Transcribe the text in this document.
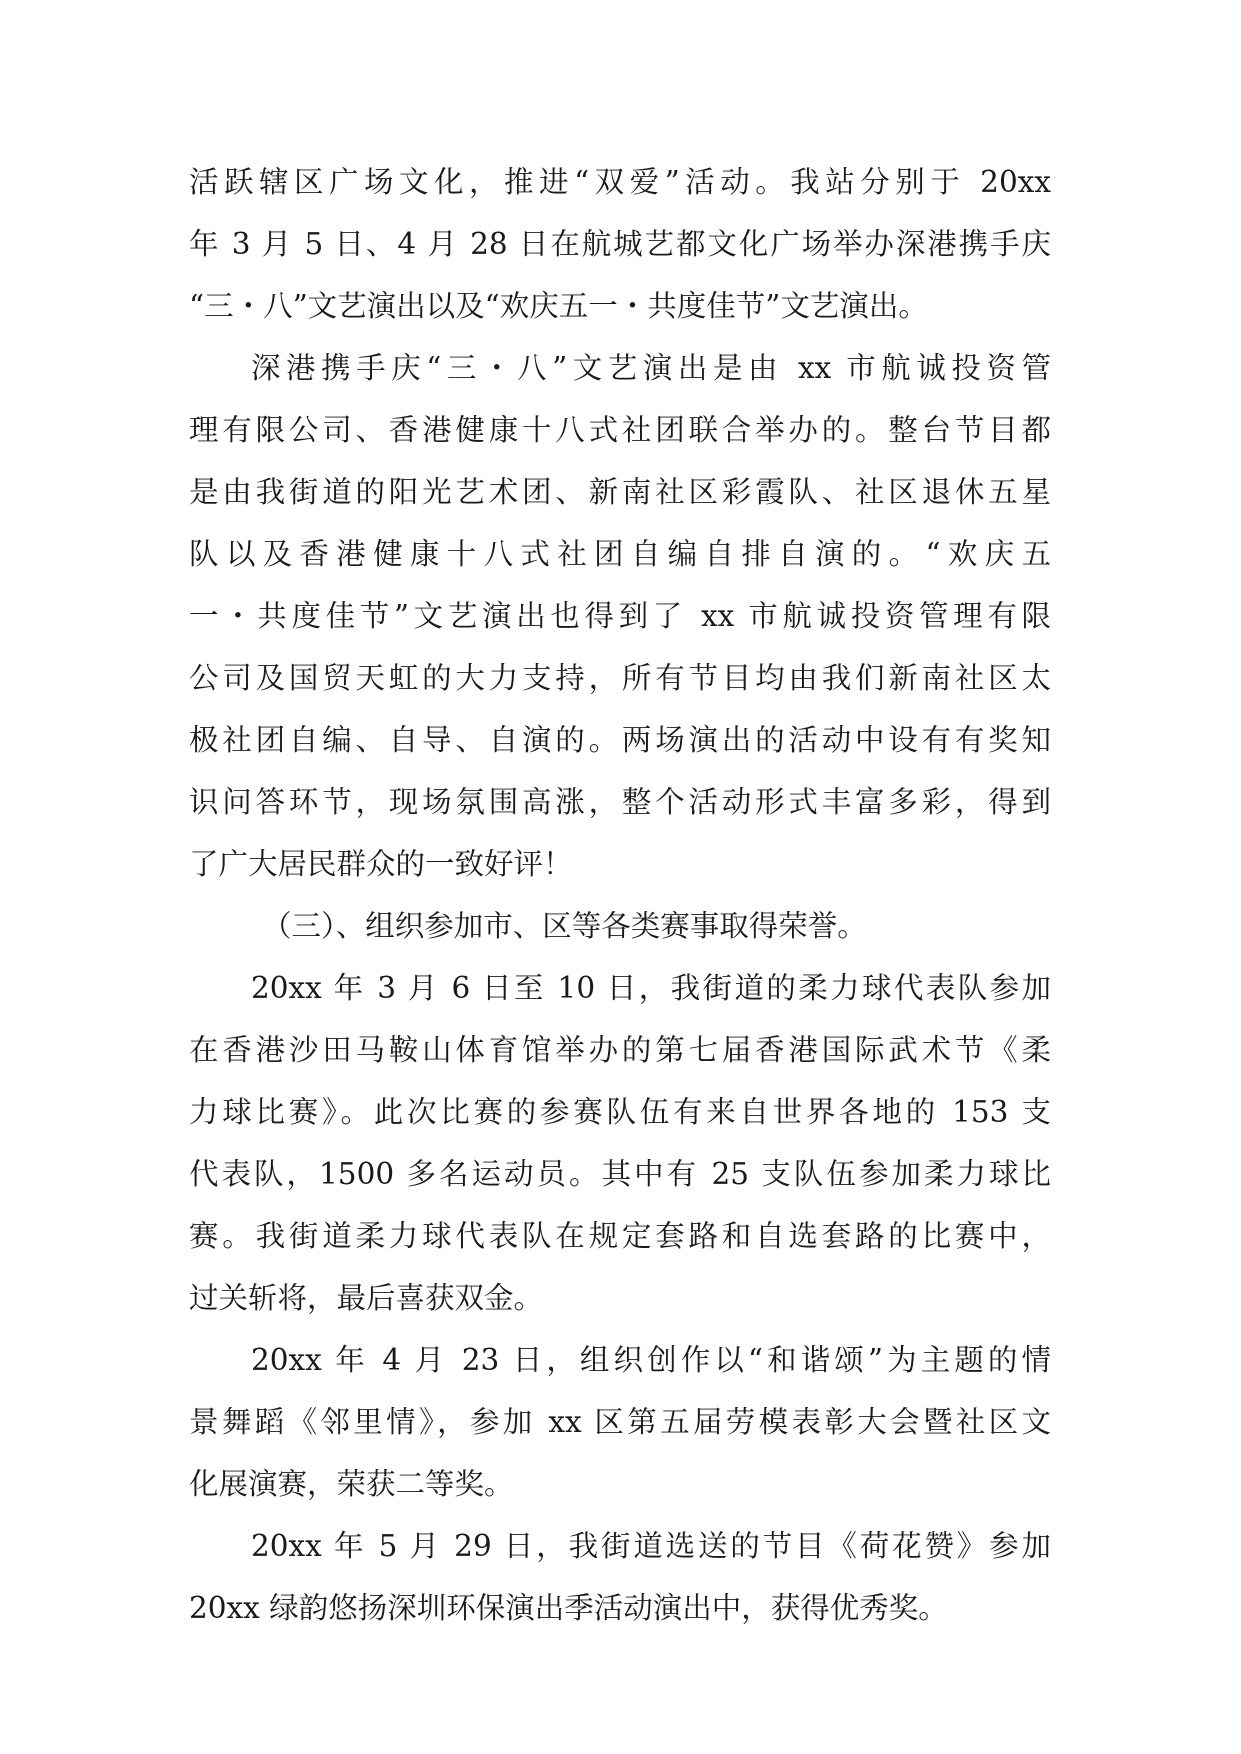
活跃辖区广场文化，推进“双爱”活动。我站分别于 20xx
年 3 月 5 日、4 月 28 日在航城艺都文化广场举办深港携手庆
“三・八”文艺演出以及“欢庆五一・共度佳节”文艺演出。
深港携手庆“三・八”文艺演出是由 xx 市航诚投资管
理有限公司、香港健康十八式社团联合举办的。整台节目都
是由我街道的阳光艺术团、新南社区彩霞队、社区退休五星
队以及香港健康十八式社团自编自排自演的。“欢庆五
一・共度佳节”文艺演出也得到了 xx 市航诚投资管理有限
公司及国贸天虹的大力支持，所有节目均由我们新南社区太
极社团自编、自导、自演的。两场演出的活动中设有有奖知
识问答环节，现场氛围高涨，整个活动形式丰富多彩，得到
了广大居民群众的一致好评！
（三）、组织参加市、区等各类赛事取得荣誉。
20xx 年 3 月 6 日至 10 日，我街道的柔力球代表队参加
在香港沙田马鞍山体育馆举办的第七届香港国际武术节《柔
力球比赛》。此次比赛的参赛队伍有来自世界各地的 153 支
代表队，1500 多名运动员。其中有 25 支队伍参加柔力球比
赛。我街道柔力球代表队在规定套路和自选套路的比赛中，
过关斩将，最后喜获双金。
20xx 年 4 月 23 日，组织创作以“和谐颂”为主题的情
景舞蹈《邻里情》，参加 xx 区第五届劳模表彰大会暨社区文
化展演赛，荣获二等奖。
20xx 年 5 月 29 日，我街道选送的节目《荷花赞》参加
20xx 绿韵悠扬深圳环保演出季活动演出中，获得优秀奖。
